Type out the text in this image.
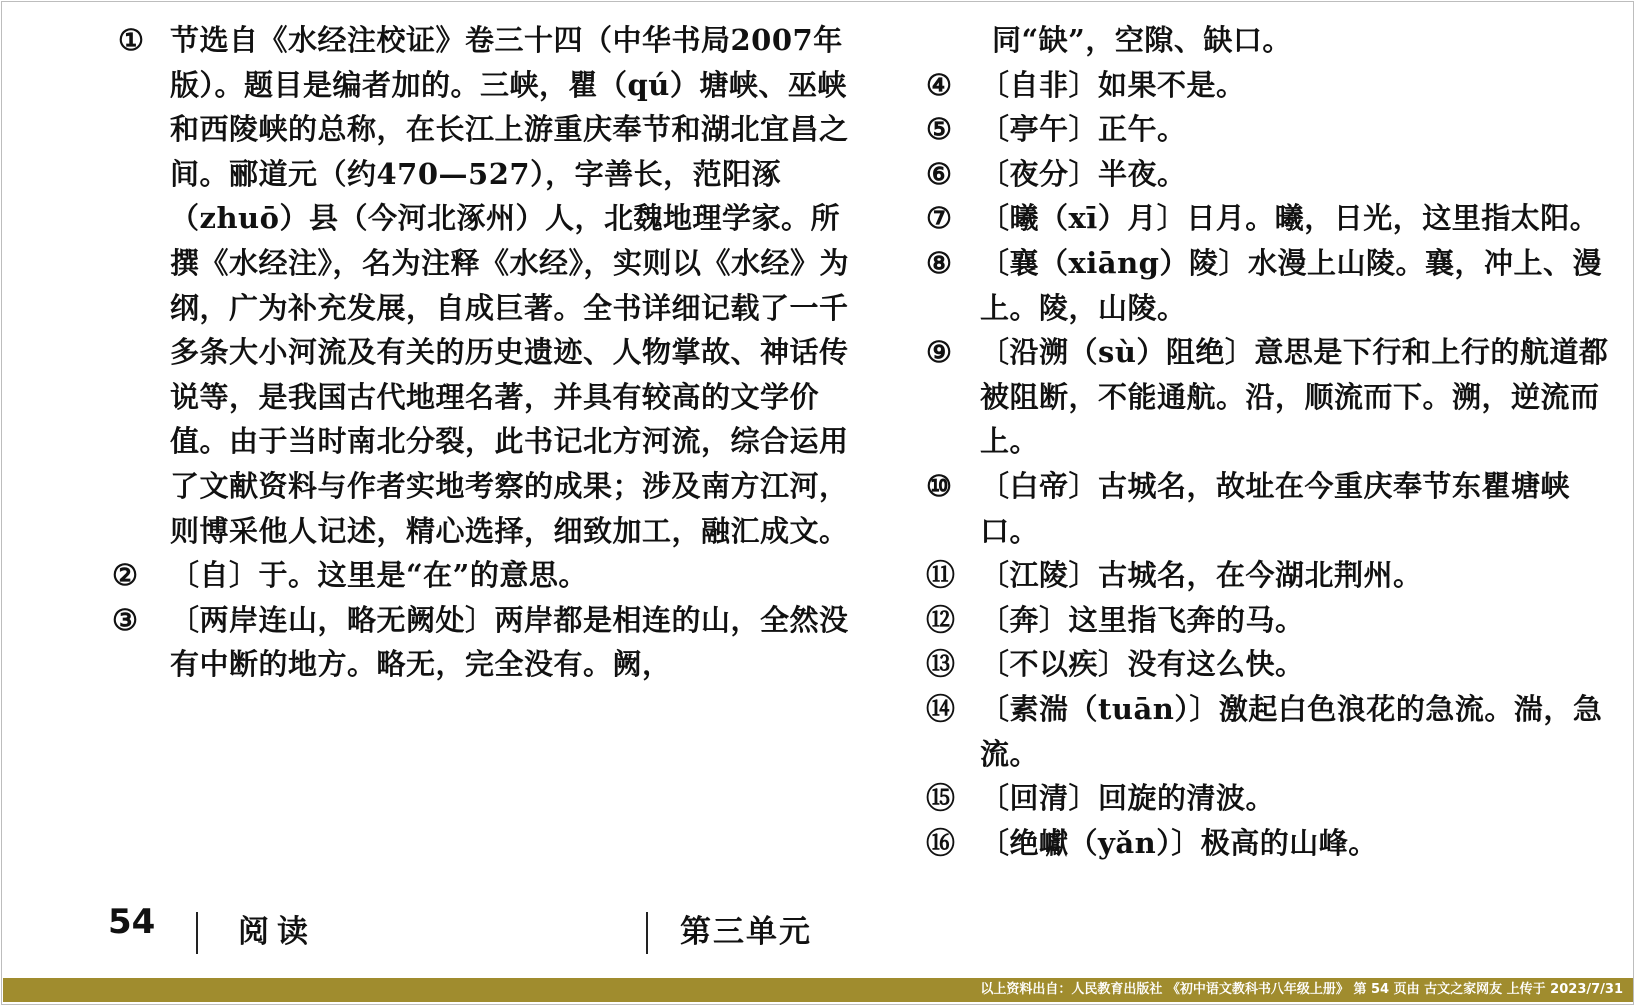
① 节选自《水经注校证》卷三十四（中华书局2007年版）。题目是编者加的。三峡，瞿（qú）塘峡、巫峡和西陵峡的总称，在长江上游重庆奉节和湖北宜昌之间。郦道元（约470—527），字善长，范阳涿（zhuō）县（今河北涿州）人，北魏地理学家。所撰《水经注》，名为注释《水经》，实则以《水经》为纲，广为补充发展，自成巨著。全书详细记载了一千多条大小河流及有关的历史遗迹、人物掌故、神话传说等，是我国古代地理名著，并具有较高的文学价值。由于当时南北分裂，此书记北方河流，综合运用了文献资料与作者实地考察的成果；涉及南方江河，则博采他人记述，精心选择，细致加工，融汇成文。

②	〔自〕于。这里是“在”的意思。

③	〔两岸连山，略无阙处〕两岸都是相连的山，全然没有中断的地方。略无，完全没有。阙，

同“缺”，空隙、缺口。

④ 〔自非〕如果不是。

⑤ 〔亭午〕正午。

⑥ 〔夜分〕半夜。

⑦ 〔曦（xī）月〕日月。曦，日光，这里指太阳。

⑧ 〔襄（xiāng）陵〕水漫上山陵。襄，冲上、漫上。陵，山陵。

⑨ 〔沿溯（sù）阻绝〕意思是下行和上行的航道都被阻断，不能通航。沿，顺流而下。溯，逆流而上。

⑩ 〔白帝〕古城名，故址在今重庆奉节东瞿塘峡口。

⑪ 〔江陵〕古城名，在今湖北荆州。

⑫ 〔奔〕这里指飞奔的马。

⑬ 〔不以疾〕没有这么快。

⑭ 〔素湍（tuān）〕激起白色浪花的急流。湍，急流。

⑮ 〔回清〕回旋的清波。

⑯ 〔绝巘（yǎn）〕极高的山峰。

54	阅读	第三单元
以上资料出自：人民教育出版社 《初中语文教科书八年级上册》 第 54 页由 古文之家网友 上传于 2023/7/31
